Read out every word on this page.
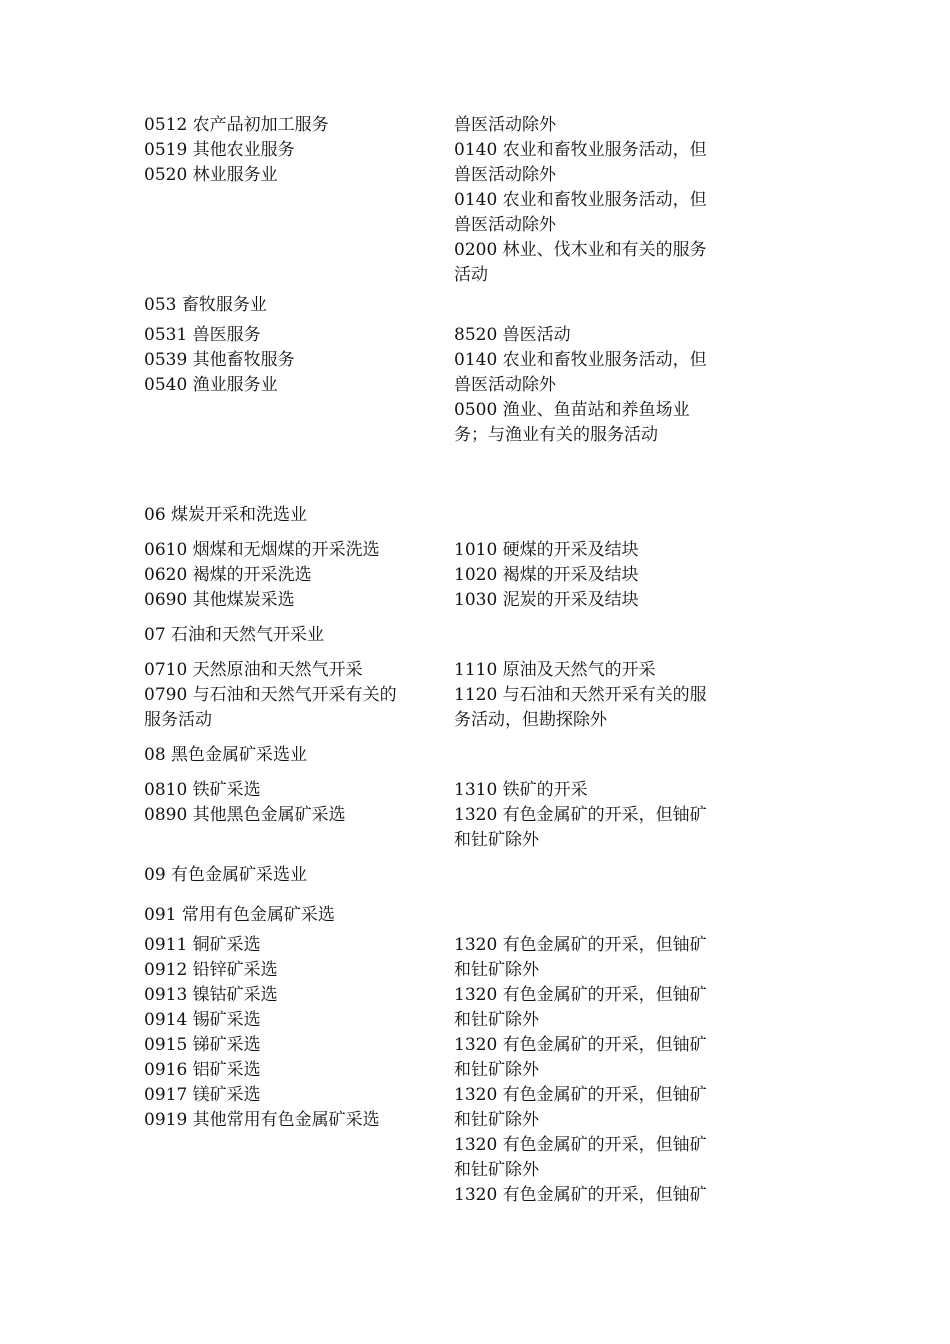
0512 农产品初加工服务
0519 其他农业服务
0520 林业服务业
兽医活动除外
0140 农业和畜牧业服务活动，但
兽医活动除外
0140 农业和畜牧业服务活动，但
兽医活动除外
0200 林业、伐木业和有关的服务
活动
053 畜牧服务业
0531 兽医服务
0539 其他畜牧服务
0540 渔业服务业
8520 兽医活动
0140 农业和畜牧业服务活动，但
兽医活动除外
0500 渔业、鱼苗站和养鱼场业
务；与渔业有关的服务活动
06 煤炭开采和洗选业
0610 烟煤和无烟煤的开采洗选
0620 褐煤的开采洗选
0690 其他煤炭采选
1010 硬煤的开采及结块
1020 褐煤的开采及结块
1030 泥炭的开采及结块
07 石油和天然气开采业
0710 天然原油和天然气开采
0790 与石油和天然气开采有关的
服务活动
1110 原油及天然气的开采
1120 与石油和天然开采有关的服
务活动，但勘探除外
08 黑色金属矿采选业
0810 铁矿采选
0890 其他黑色金属矿采选
1310 铁矿的开采
1320 有色金属矿的开采，但铀矿
和钍矿除外
09 有色金属矿采选业
091 常用有色金属矿采选
0911 铜矿采选
0912 铅锌矿采选
0913 镍钴矿采选
0914 锡矿采选
0915 锑矿采选
0916 铝矿采选
0917 镁矿采选
0919 其他常用有色金属矿采选
1320 有色金属矿的开采，但铀矿
和钍矿除外
1320 有色金属矿的开采，但铀矿
和钍矿除外
1320 有色金属矿的开采，但铀矿
和钍矿除外
1320 有色金属矿的开采，但铀矿
和钍矿除外
1320 有色金属矿的开采，但铀矿
和钍矿除外
1320 有色金属矿的开采，但铀矿
